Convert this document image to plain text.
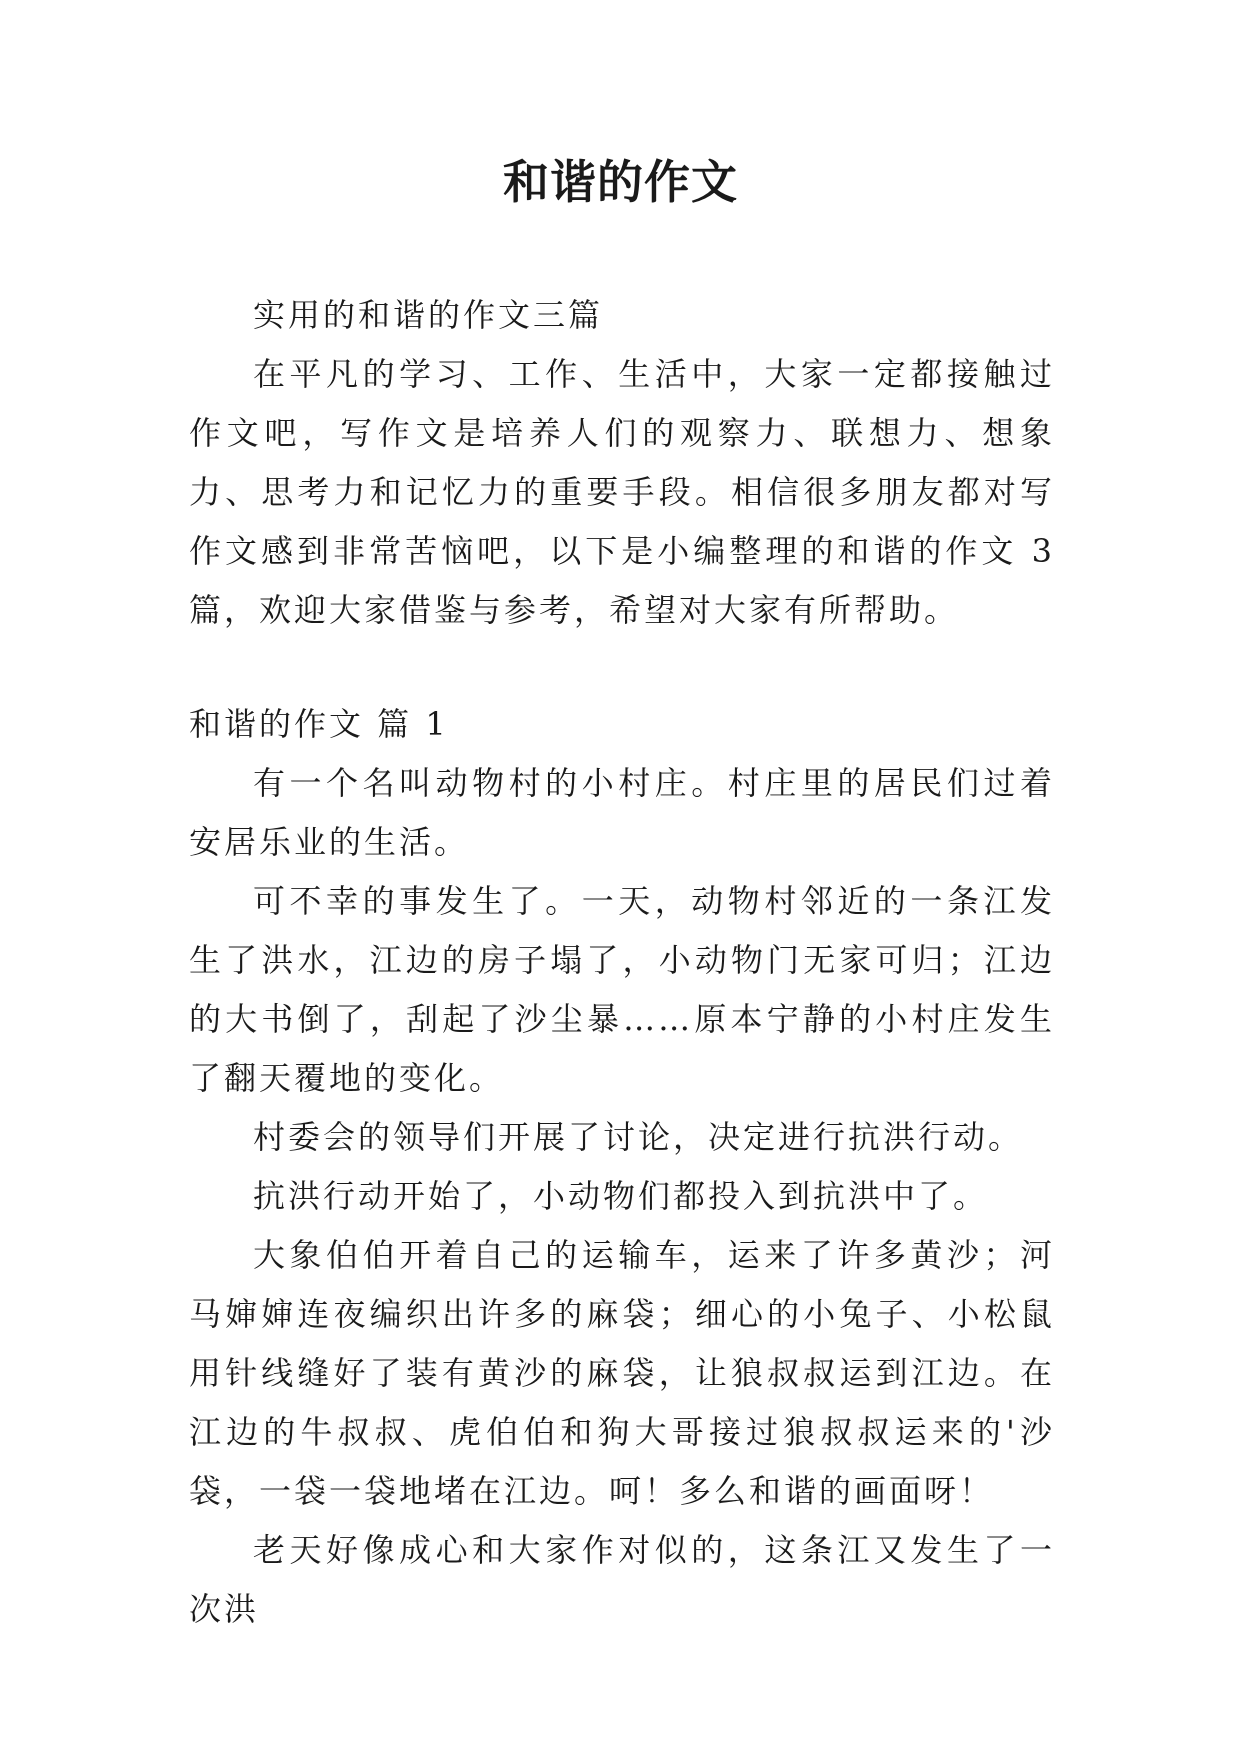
和谐的作文

实用的和谐的作文三篇

在平凡的学习、工作、生活中，大家一定都接触过作文吧，写作文是培养人们的观察力、联想力、想象力、思考力和记忆力的重要手段。相信很多朋友都对写作文感到非常苦恼吧，以下是小编整理的和谐的作文 3 篇，欢迎大家借鉴与参考，希望对大家有所帮助。

和谐的作文 篇 1

有一个名叫动物村的小村庄。村庄里的居民们过着安居乐业的生活。

可不幸的事发生了。一天，动物村邻近的一条江发生了洪水，江边的房子塌了，小动物门无家可归；江边的大书倒了，刮起了沙尘暴……原本宁静的小村庄发生了翻天覆地的变化。

村委会的领导们开展了讨论，决定进行抗洪行动。

抗洪行动开始了，小动物们都投入到抗洪中了。

大象伯伯开着自己的运输车，运来了许多黄沙；河马婶婶连夜编织出许多的麻袋；细心的小兔子、小松鼠用针线缝好了装有黄沙的麻袋，让狼叔叔运到江边。在江边的牛叔叔、虎伯伯和狗大哥接过狼叔叔运来的'沙袋，一袋一袋地堵在江边。呵！多么和谐的画面呀！

老天好像成心和大家作对似的，这条江又发生了一次洪
